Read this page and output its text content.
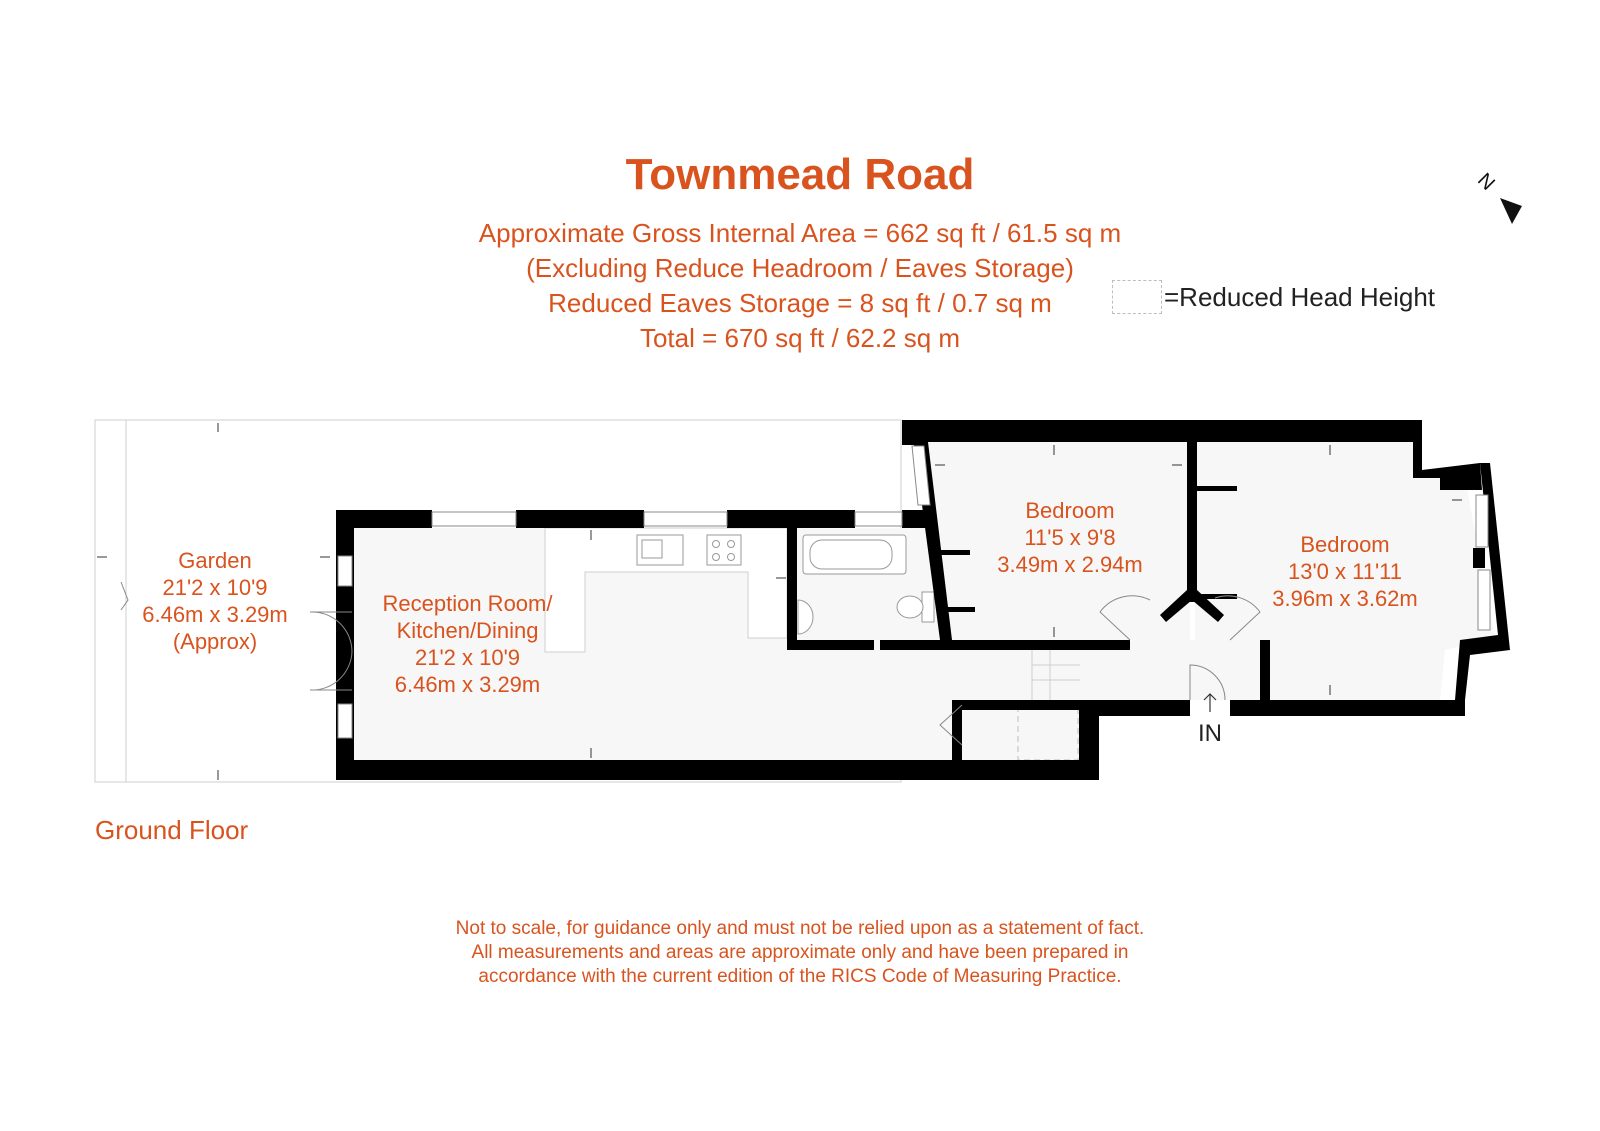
Townmead Road
Approximate Gross Internal Area = 662 sq ft / 61.5 sq m
(Excluding Reduce Headroom / Eaves Storage)
Reduced Eaves Storage = 8 sq ft / 0.7 sq m
Total = 670 sq ft / 62.2 sq m
=Reduced Head Height
N
Garden
21'2 x 10'9
6.46m x 3.29m
(Approx)
Reception Room/
Kitchen/Dining
21'2 x 10'9
6.46m x 3.29m
Bedroom
11'5 x 9'8
3.49m x 2.94m
Bedroom
13'0 x 11'11
3.96m x 3.62m
IN
Ground Floor
Not to scale, for guidance only and must not be relied upon as a statement of fact.
All measurements and areas are approximate only and have been prepared in
accordance with the current edition of the RICS Code of Measuring Practice.
